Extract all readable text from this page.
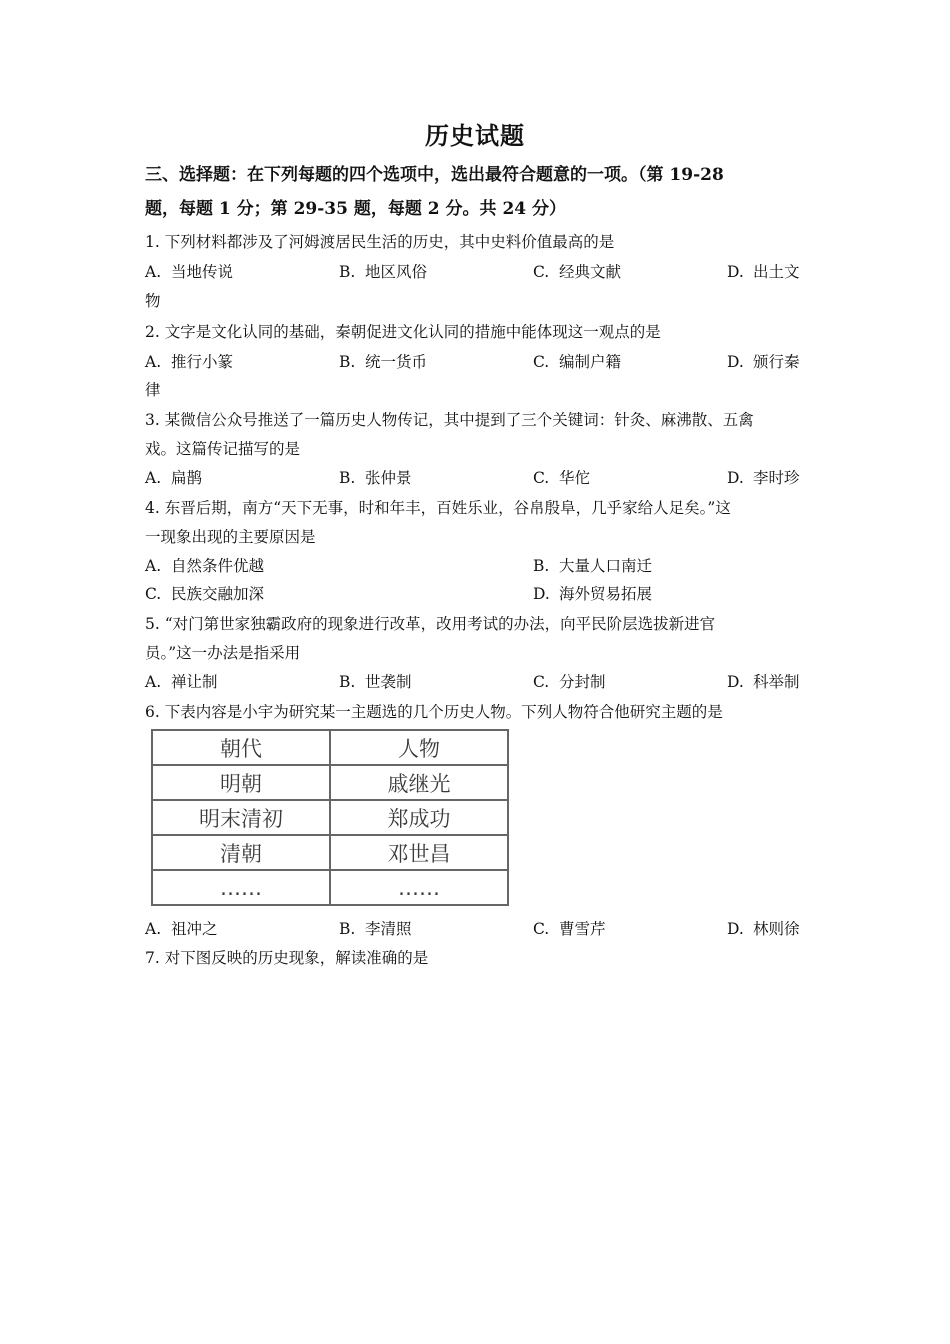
历史试题
三、选择题：在下列每题的四个选项中，选出最符合题意的一项。（第 19-28
题，每题 1 分；第 29-35 题，每题 2 分。共 24 分）
1. 下列材料都涉及了河姆渡居民生活的历史，其中史料价值最高的是
A. 当地传说	B. 地区风俗	C. 经典文献	D. 出土文
物
2. 文字是文化认同的基础，秦朝促进文化认同的措施中能体现这一观点的是
A. 推行小篆	B. 统一货币	C. 编制户籍	D. 颁行秦
律
3. 某微信公众号推送了一篇历史人物传记，其中提到了三个关键词：针灸、麻沸散、五禽
戏。这篇传记描写的是
A. 扁鹊	B. 张仲景	C. 华佗	D. 李时珍
4. 东晋后期，南方“天下无事，时和年丰，百姓乐业，谷帛殷阜，几乎家给人足矣。”这
一现象出现的主要原因是
A. 自然条件优越	B. 大量人口南迁
C. 民族交融加深	D. 海外贸易拓展
5. “对门第世家独霸政府的现象进行改革，改用考试的办法，向平民阶层选拔新进官
员。”这一办法是指采用
A. 禅让制	B. 世袭制	C. 分封制	D. 科举制
6. 下表内容是小宇为研究某一主题选的几个历史人物。下列人物符合他研究主题的是
朝代	人物
明朝	戚继光
明末清初	郑成功
清朝	邓世昌
……	……
A. 祖冲之	B. 李清照	C. 曹雪芹	D. 林则徐
7. 对下图反映的历史现象，解读准确的是
